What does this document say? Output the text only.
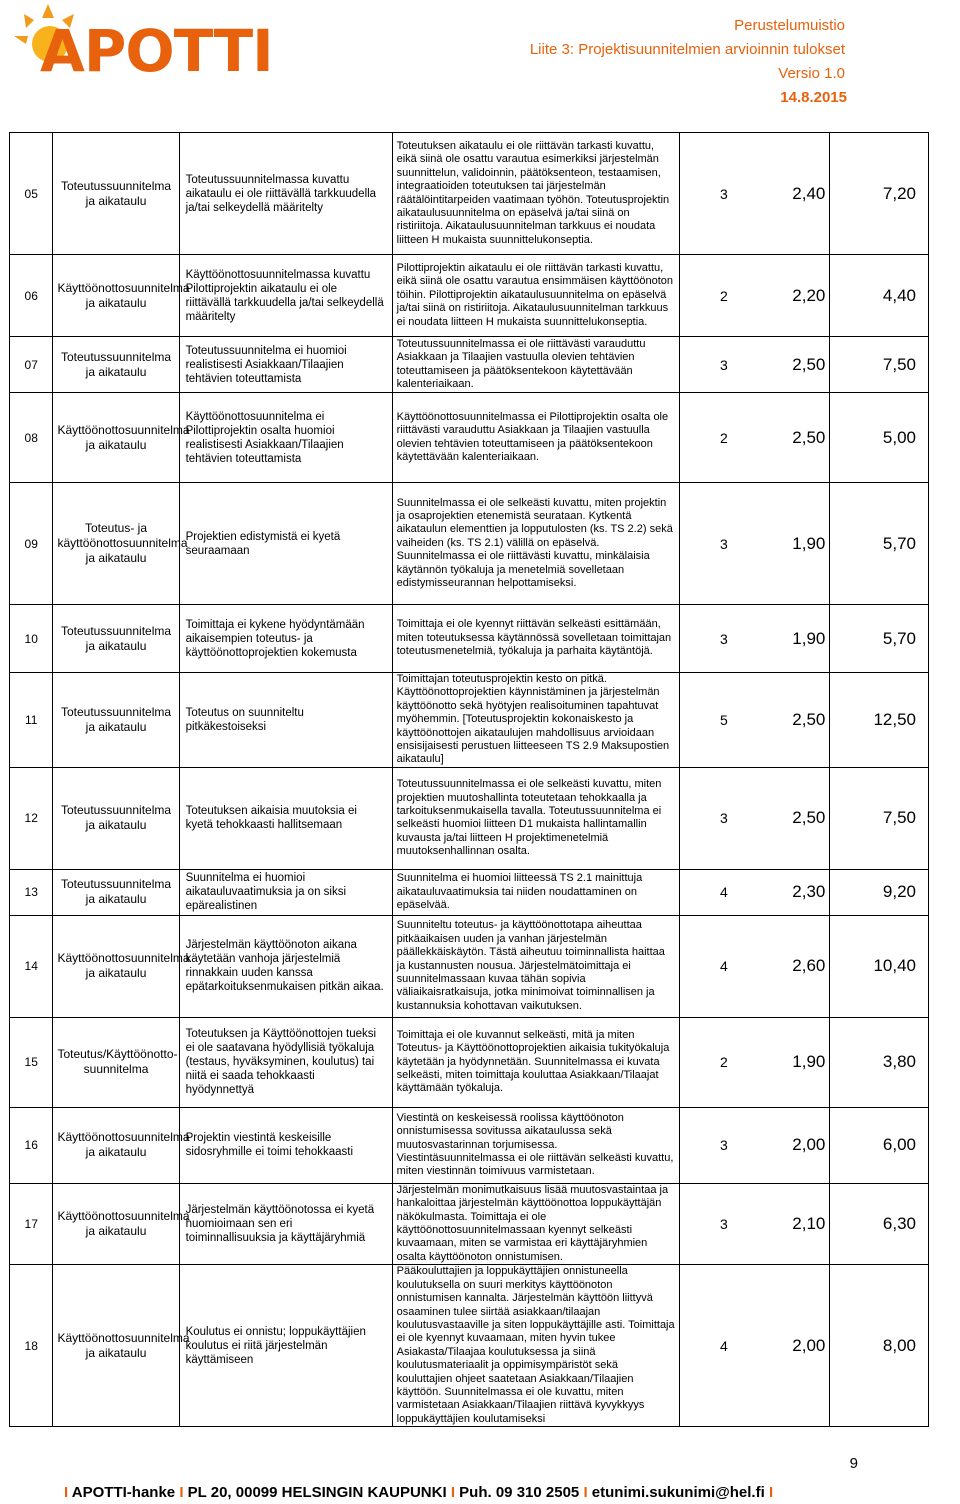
APOTTI	Perustelumuistio
Liite 3: Projektisuunnitelmien arvioinnin tulokset
Versio 1.0
14.8.2015
05	Toteutussuunnitelma ja aikataulu	Toteutussuunnitelmassa kuvattu aikataulu ei ole riittävällä tarkkuudella ja/tai selkeydellä määritelty	Toteutuksen aikataulu ei ole riittävän tarkasti kuvattu, eikä siinä ole osattu varautua esimerkiksi järjestelmän suunnittelun, validoinnin, päätöksenteon, testaamisen, integraatioiden toteutuksen tai järjestelmän räätälöintitarpeiden vaatimaan työhön. Toteutusprojektin aikataulusuunnitelma on epäselvä ja/tai siinä on ristiriitoja. Aikataulusuunnitelman tarkkuus ei noudata liitteen H mukaista suunnittelukonseptia.	3	2,40	7,20
06	Käyttöönottosuunnitelma ja aikataulu	Käyttöönottosuunnitelmassa kuvattu Pilottiprojektin aikataulu ei ole riittävällä tarkkuudella ja/tai selkeydellä määritelty	Pilottiprojektin aikataulu ei ole riittävän tarkasti kuvattu, eikä siinä ole osattu varautua ensimmäisen käyttöönoton töihin. Pilottiprojektin aikataulusuunnitelma on epäselvä ja/tai siinä on ristiriitoja. Aikataulusuunnitelman tarkkuus ei noudata liitteen H mukaista suunnittelukonseptia.	2	2,20	4,40
07	Toteutussuunnitelma ja aikataulu	Toteutussuunnitelma ei huomioi realistisesti Asiakkaan/Tilaajien tehtävien toteuttamista	Toteutussuunnitelmassa ei ole riittävästi varauduttu Asiakkaan ja Tilaajien vastuulla olevien tehtävien toteuttamiseen ja päätöksentekoon käytettävään kalenteriaikaan.	3	2,50	7,50
08	Käyttöönottosuunnitelma ja aikataulu	Käyttöönottosuunnitelma ei Pilottiprojektin osalta huomioi realistisesti Asiakkaan/Tilaajien tehtävien toteuttamista	Käyttöönottosuunnitelmassa ei Pilottiprojektin osalta ole riittävästi varauduttu Asiakkaan ja Tilaajien vastuulla olevien tehtävien toteuttamiseen ja päätöksentekoon käytettävään kalenteriaikaan.	2	2,50	5,00
09	Toteutus- ja käyttöönottosuunnitelma ja aikataulu	Projektien edistymistä ei kyetä seuraamaan	Suunnitelmassa ei ole selkeästi kuvattu, miten projektin ja osaprojektien etenemistä seurataan. Kytkentä aikataulun elementtien ja lopputulosten (ks. TS 2.2) sekä vaiheiden (ks. TS 2.1) välillä on epäselvä. Suunnitelmassa ei ole riittävästi kuvattu, minkälaisia käytännön työkaluja ja menetelmiä sovelletaan edistymisseurannan helpottamiseksi.	3	1,90	5,70
10	Toteutussuunnitelma ja aikataulu	Toimittaja ei kykene hyödyntämään aikaisempien toteutus- ja käyttöönottoprojektien kokemusta	Toimittaja ei ole kyennyt riittävän selkeästi esittämään, miten toteutuksessa käytännössä sovelletaan toimittajan toteutusmenetelmiä, työkaluja ja parhaita käytäntöjä.	3	1,90	5,70
11	Toteutussuunnitelma ja aikataulu	Toteutus on suunniteltu pitkäkestoiseksi	Toimittajan toteutusprojektin kesto on pitkä. Käyttöönottoprojektien käynnistäminen ja järjestelmän käyttöönotto sekä hyötyjen realisoituminen tapahtuvat myöhemmin. [Toteutusprojektin kokonaiskesto ja käyttöönottojen aikataulujen mahdollisuus arvioidaan ensisijaisesti perustuen liitteeseen TS 2.9 Maksupostien aikataulu]	5	2,50	12,50
12	Toteutussuunnitelma ja aikataulu	Toteutuksen aikaisia muutoksia ei kyetä tehokkaasti hallitsemaan	Toteutussuunnitelmassa ei ole selkeästi kuvattu, miten projektien muutoshallinta toteutetaan tehokkaalla ja tarkoituksenmukaisella tavalla. Toteutussuunnitelma ei selkeästi huomioi liitteen D1 mukaista hallintamallin kuvausta ja/tai liitteen H projektimenetelmiä muutoksenhallinnan osalta.	3	2,50	7,50
13	Toteutussuunnitelma ja aikataulu	Suunnitelma ei huomioi aikatauluvaatimuksia ja on siksi epärealistinen	Suunnitelma ei huomioi liitteessä TS 2.1 mainittuja aikatauluvaatimuksia tai niiden noudattaminen on epäselvää.	4	2,30	9,20
14	Käyttöönottosuunnitelma ja aikataulu	Järjestelmän käyttöönoton aikana käytetään vanhoja järjestelmiä rinnakkain uuden kanssa epätarkoituksenmukaisen pitkän aikaa.	Suunniteltu toteutus- ja käyttöönottotapa aiheuttaa pitkäaikaisen uuden ja vanhan järjestelmän päällekkäiskäytön. Tästä aiheutuu toiminnallista haittaa ja kustannusten nousua. Järjestelmätoimittaja ei suunnitelmassaan kuvaa tähän sopivia väliaikaisratkaisuja, jotka minimoivat toiminnallisen ja kustannuksia kohottavan vaikutuksen.	4	2,60	10,40
15	Toteutus/Käyttöönotto-suunnitelma	Toteutuksen ja Käyttöönottojen tueksi ei ole saatavana hyödyllisiä työkaluja (testaus, hyväksyminen, koulutus) tai niitä ei saada tehokkaasti hyödynnettyä	Toimittaja ei ole kuvannut selkeästi, mitä ja miten Toteutus- ja Käyttöönottoprojektien aikaisia tukityökaluja käytetään ja hyödynnetään. Suunnitelmassa ei kuvata selkeästi, miten toimittaja kouluttaa Asiakkaan/Tilaajat käyttämään työkaluja.	2	1,90	3,80
16	Käyttöönottosuunnitelma ja aikataulu	Projektin viestintä keskeisille sidosryhmille ei toimi tehokkaasti	Viestintä on keskeisessä roolissa käyttöönoton onnistumisessa sovitussa aikataulussa sekä muutosvastarinnan torjumisessa. Viestintäsuunnitelmassa ei ole riittävän selkeästi kuvattu, miten viestinnän toimivuus varmistetaan.	3	2,00	6,00
17	Käyttöönottosuunnitelma ja aikataulu	Järjestelmän käyttöönotossa ei kyetä huomioimaan sen eri toiminnallisuuksia ja käyttäjäryhmiä	Järjestelmän monimutkaisuus lisää muutosvastaintaa ja hankaloittaa järjestelmän käyttöönottoa loppukäyttäjän näkökulmasta. Toimittaja ei ole käyttöönottosuunnitelmassaan kyennyt selkeästi kuvaamaan, miten se varmistaa eri käyttäjäryhmien osalta käyttöönoton onnistumisen.	3	2,10	6,30
18	Käyttöönottosuunnitelma ja aikataulu	Koulutus ei onnistu; loppukäyttäjien koulutus ei riitä järjestelmän käyttämiseen	Pääkouluttajien ja loppukäyttäjien onnistuneella koulutuksella on suuri merkitys käyttöönoton onnistumisen kannalta. Järjestelmän käyttöön liittyvä osaaminen tulee siirtää asiakkaan/tilaajan koulutusvastaaville ja siten loppukäyttäjille asti. Toimittaja ei ole kyennyt kuvaamaan, miten hyvin tukee Asiakasta/Tilaajaa koulutuksessa ja siinä koulutusmateriaalit ja oppimisympäristöt sekä kouluttajien ohjeet saatetaan Asiakkaan/Tilaajien käyttöön. Suunnitelmassa ei ole kuvattu, miten varmistetaan Asiakkaan/Tilaajien riittävä kyvykkyys loppukäyttäjien koulutamiseksi	4	2,00	8,00
9
I APOTTI-hanke I PL 20, 00099 HELSINGIN KAUPUNKI I Puh. 09 310 2505 I etunimi.sukunimi@hel.fi I
